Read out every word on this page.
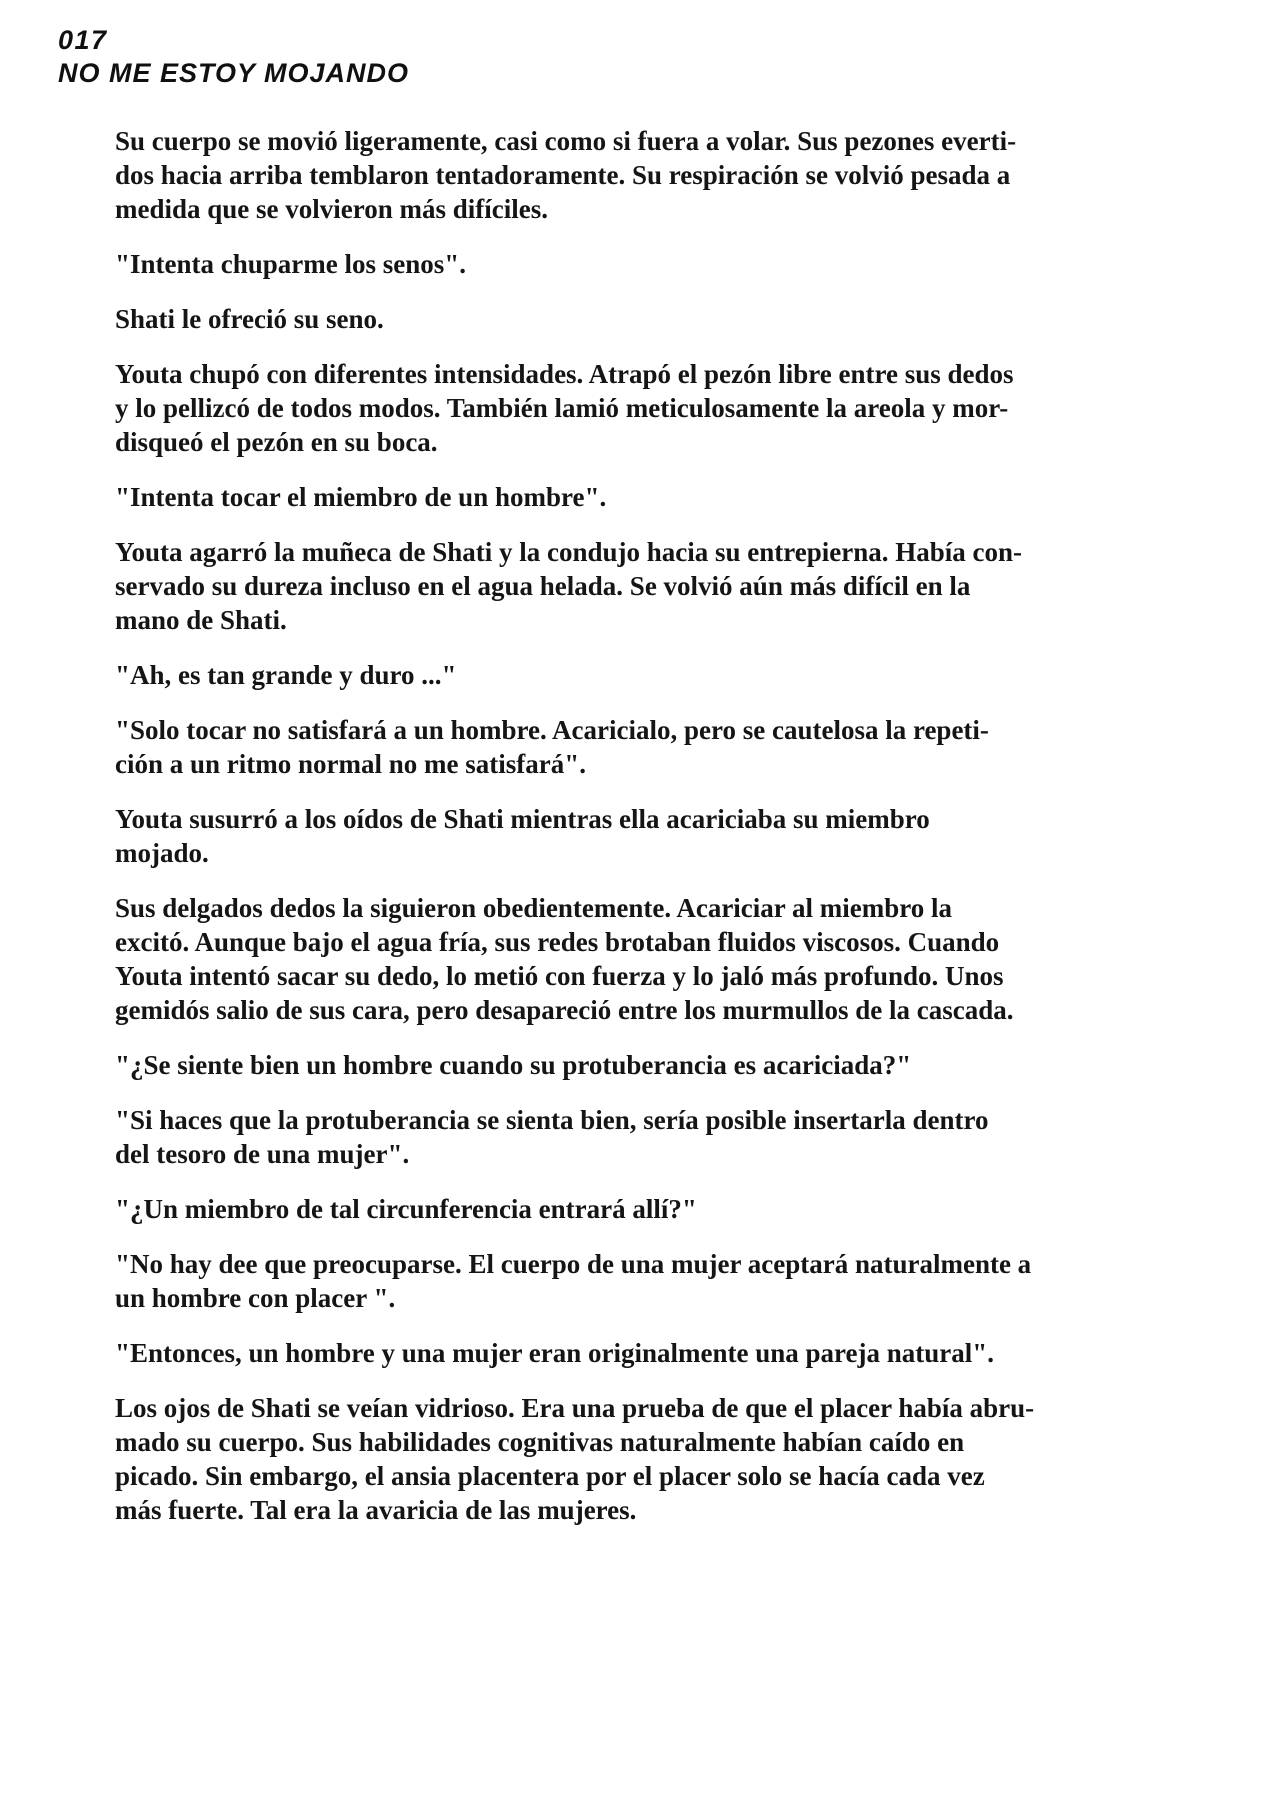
017
NO ME ESTOY MOJANDO

Su cuerpo se movió ligeramente, casi como si fuera a volar. Sus pezones everti-
dos hacia arriba temblaron tentadoramente. Su respiración se volvió pesada a
medida que se volvieron más difíciles.

"Intenta chuparme los senos".

Shati le ofreció su seno.

Youta chupó con diferentes intensidades. Atrapó el pezón libre entre sus dedos
y lo pellizcó de todos modos. También lamió meticulosamente la areola y mor-
disqueó el pezón en su boca.

"Intenta tocar el miembro de un hombre".

Youta agarró la muñeca de Shati y la condujo hacia su entrepierna. Había con-
servado su dureza incluso en el agua helada. Se volvió aún más difícil en la
mano de Shati.

"Ah, es tan grande y duro ..."

"Solo tocar no satisfará a un hombre. Acaricialo, pero se cautelosa la repeti-
ción a un ritmo normal no me satisfará".

Youta susurró a los oídos de Shati mientras ella acariciaba su miembro
mojado.

Sus delgados dedos la siguieron obedientemente. Acariciar al miembro la
excitó. Aunque bajo el agua fría, sus redes brotaban fluidos viscosos. Cuando
Youta intentó sacar su dedo, lo metió con fuerza y lo jaló más profundo. Unos
gemidós salio de sus cara, pero desapareció entre los murmullos de la cascada.

"¿Se siente bien un hombre cuando su protuberancia es acariciada?"

"Si haces que la protuberancia se sienta bien, sería posible insertarla dentro
del tesoro de una mujer".

"¿Un miembro de tal circunferencia entrará allí?"

"No hay dee que preocuparse. El cuerpo de una mujer aceptará naturalmente a
un hombre con placer ".

"Entonces, un hombre y una mujer eran originalmente una pareja natural".

Los ojos de Shati se veían vidrioso. Era una prueba de que el placer había abru-
mado su cuerpo. Sus habilidades cognitivas naturalmente habían caído en
picado. Sin embargo, el ansia placentera por el placer solo se hacía cada vez
más fuerte. Tal era la avaricia de las mujeres.
